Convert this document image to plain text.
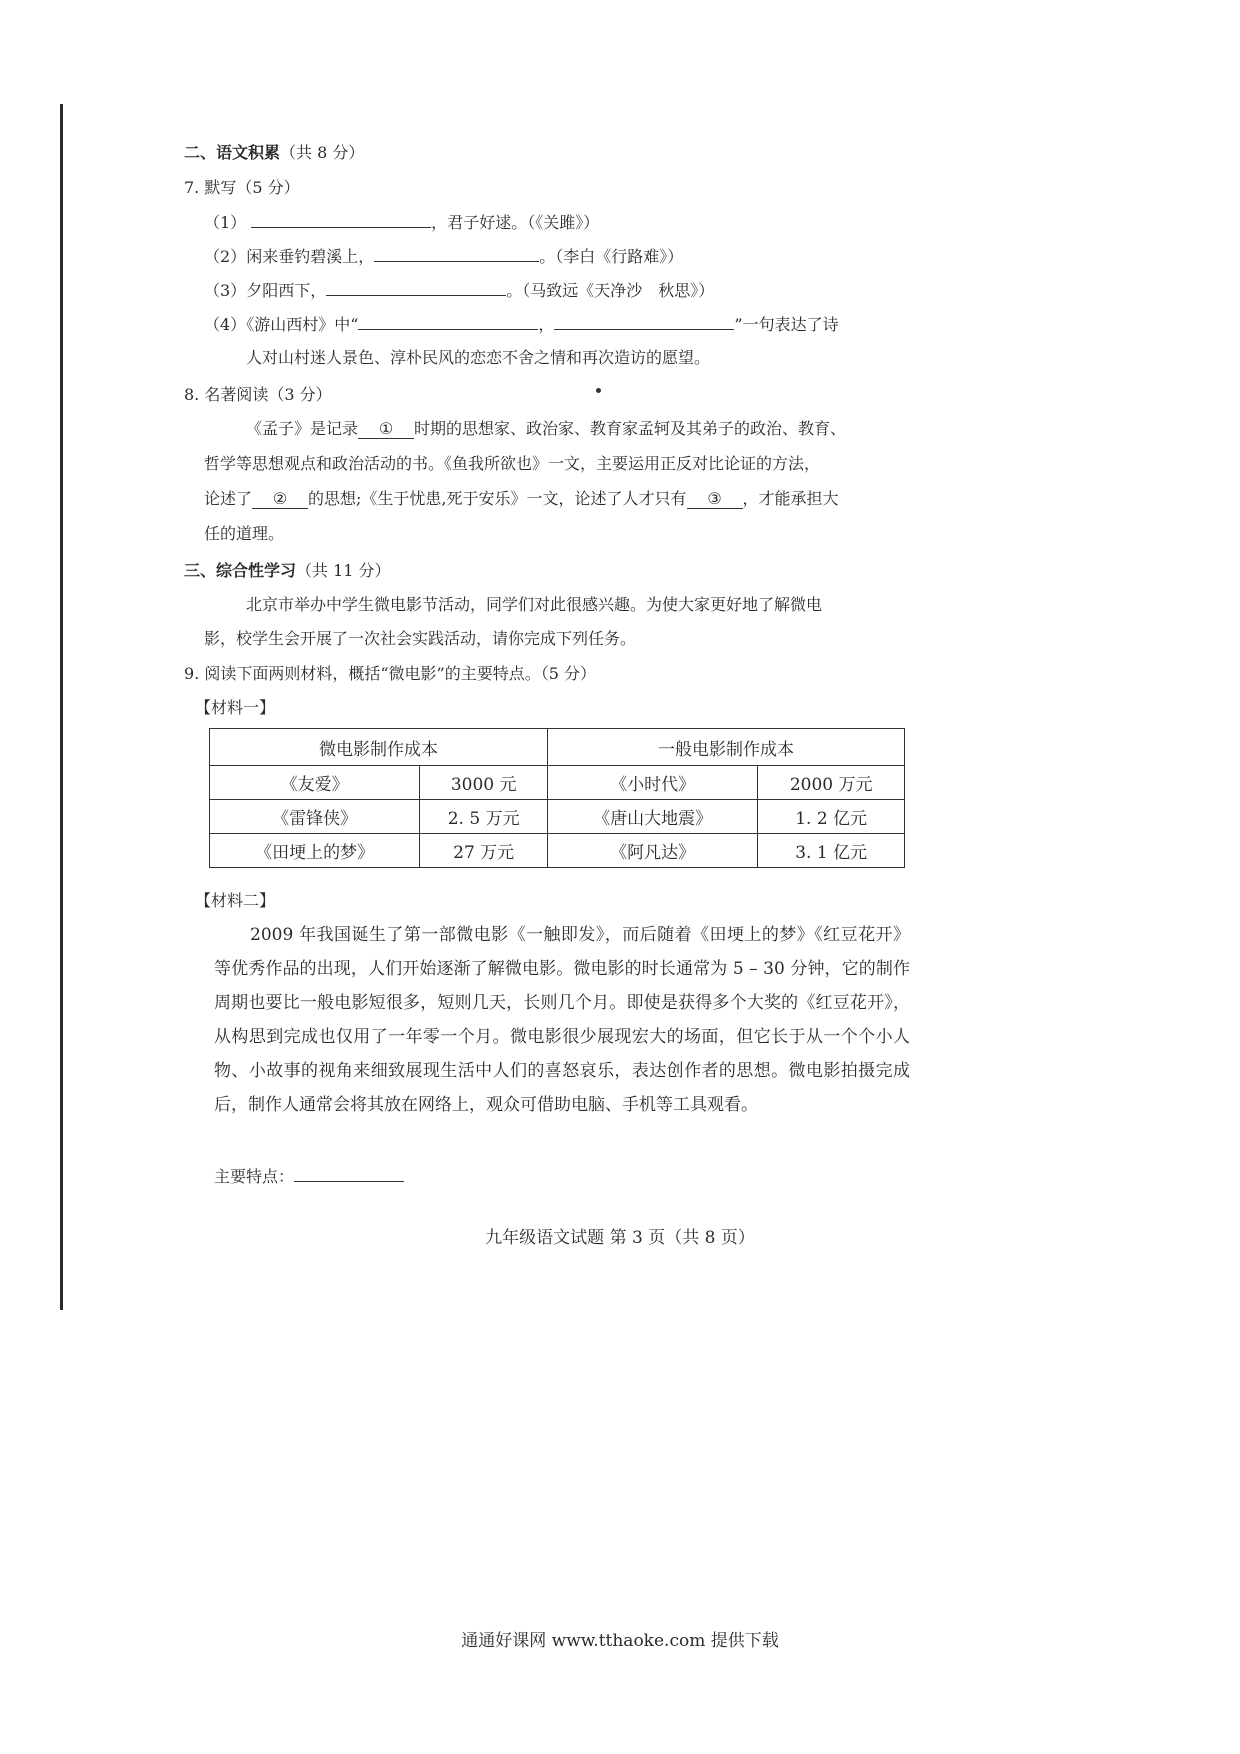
二、语文积累（共 8 分）
7. 默写（5 分）
（1）	，君子好逑。（《关雎》）
（2）闲来垂钓碧溪上，	。（李白《行路难》）
（3）夕阳西下，	。（马致远《天净沙　秋思》）
（4）《游山西村》中“	，	”一句表达了诗
人对山村迷人景色、淳朴民风的恋恋不舍之情和再次造访的愿望。
8. 名著阅读（3 分）
《孟子》是记录 ① 时期的思想家、政治家、教育家孟轲及其弟子的政治、教育、
哲学等思想观点和政治活动的书。《鱼我所欲也》一文，主要运用正反对比论证的方法，
论述了 ② 的思想;《生于忧患,死于安乐》一文，论述了人才只有 ③ ，才能承担大
任的道理。
三、综合性学习（共 11 分）
北京市举办中学生微电影节活动，同学们对此很感兴趣。为使大家更好地了解微电
影，校学生会开展了一次社会实践活动，请你完成下列任务。
9. 阅读下面两则材料，概括“微电影”的主要特点。（5 分）
【材料一】
微电影制作成本		一般电影制作成本	
《友爱》	3000 元	《小时代》	2000 万元
《雷锋侠》	2. 5 万元	《唐山大地震》	1. 2 亿元
《田埂上的梦》	27 万元	《阿凡达》	3. 1 亿元
【材料二】
2009 年我国诞生了第一部微电影《一触即发》，而后随着《田埂上的梦》《红豆花开》等优秀作品的出现，人们开始逐渐了解微电影。微电影的时长通常为 5 – 30 分钟，它的制作周期也要比一般电影短很多，短则几天，长则几个月。即使是获得多个大奖的《红豆花开》，从构思到完成也仅用了一年零一个月。微电影很少展现宏大的场面，但它长于从一个个小人物、小故事的视角来细致展现生活中人们的喜怒哀乐，表达创作者的思想。微电影拍摄完成后，制作人通常会将其放在网络上，观众可借助电脑、手机等工具观看。
主要特点：
九年级语文试题 第 3 页（共 8 页）
通通好课网 www.tthaoke.com 提供下载
